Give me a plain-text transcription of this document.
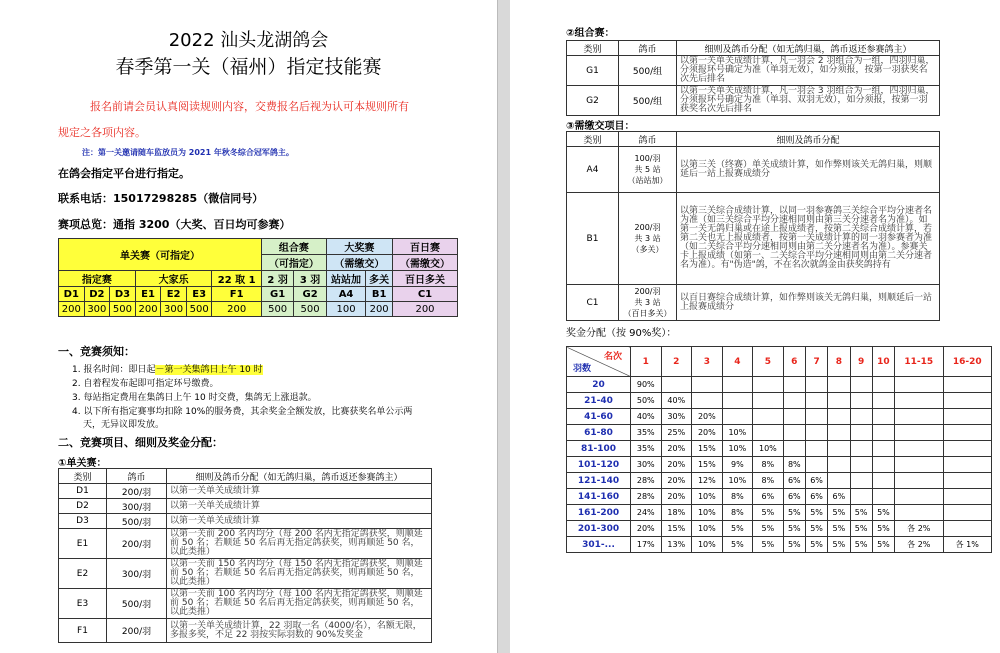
2022 汕头龙湖鸽会
春季第一关（福州）指定技能赛
报名前请会员认真阅读规则内容，交费报名后视为认可本规则所有
规定之各项内容。
注：第一关邀请随车监放员为 2021 年秋冬综合冠军鸽主。
在鸽会指定平台进行指定。
联系电话：15017298285（微信同号）
赛项总览：通指 3200（大奖、百日均可参赛）
单关赛（可指定）							组合赛		大奖赛		百日赛
							（可指定）		（需缴交）		（需缴交）
指定赛			大家乐			22 取 1	2 羽	3 羽	站站加	多关	百日多关
D1	D2	D3	E1	E2	E3	F1	G1	G2	A4	B1	C1
200	300	500	200	300	500	200	500	500	100	200	200
一、竞赛须知：
1. 报名时间：即日起－第一关集鸽日上午 10 时
2. 自着程发布起即可指定环号缴费。
3. 每站指定费用在集鸽日上午 10 时交费，集鸽无上涨退款。
4. 以下所有指定赛事均扣除 10%的服务费，其余奖金全额发放，比赛获奖名单公示两
天，无异议即发放。
二、竞赛项目、细则及奖金分配：
①单关赛：
类别	鸽币	细则及鸽币分配（如无鸽归巢，鸽币返还参赛鸽主）
D1	200/羽	以第一关单关成绩计算
D2	300/羽	以第一关单关成绩计算
D3	500/羽	以第一关单关成绩计算
E1	200/羽	以第一关前 200 名内均分（每 200 名内无指定鸽获奖，则顺延前 50 名；若顺延 50 名后再无指定鸽获奖，则再顺延 50 名，以此类推）
E2	300/羽	以第一关前 150 名内均分（每 150 名内无指定鸽获奖，则顺延前 50 名；若顺延 50 名后再无指定鸽获奖，则再顺延 50 名，以此类推）
E3	500/羽	以第一关前 100 名内均分（每 100 名内无指定鸽获奖，则顺延前 50 名；若顺延 50 名后再无指定鸽获奖，则再顺延 50 名，以此类推）
F1	200/羽	以第一关单关成绩计算，22 羽取一名（4000/名），名额无限，多报多奖，不足 22 羽按实际羽数的 90%发奖金
②组合赛：
类别	鸽币	细则及鸽币分配（如无鸽归巢，鸽币返还参赛鸽主）
G1	500/组	以第一关单关成绩计算，凡一羽会 2 羽组合为一组，四羽归巢，分须报环号确定为准（单羽无效），如分须报，按第一羽获奖名次先后排名
G2	500/组	以第一关单关成绩计算，凡一羽会 3 羽组合为一组，四羽归巢，分须报环号确定为准（单羽、双羽无效），如分须报，按第一羽获奖名次先后排名
③需缴交项目：
类别	鸽币	细则及鸽币分配
A4	100/羽
共 5 站
（站站加）	以第三关（终赛）单关成绩计算，如作弊则该关无鸽归巢，则顺延后一站上报赛成绩分
B1	200/羽
共 3 站
（多关）	以第三关综合成绩计算，以同一羽参赛鸽三关综合平均分速者名为准（如三关综合平均分速相同则由第三关分速者名为准）。如第一关无鸽归巢或在途上报成绩者，按第二关综合成绩计算，若第二关也无上报成绩者，按第一关成绩计算的同一羽参赛者为准（如二关综合平均分速相同则由第二关分速者名为准）。参赛关卡上报成绩（如第一、二关综合平均分速相同则由第二关分速者名为准）。有"伪造"鸽，不在名次就鸽金由获奖鸽持有
C1	200/羽
共 3 站
（百日多关）	以百日赛综合成绩计算，如作弊则该关无鸽归巢，则顺延后一站上报赛成绩分
奖金分配（按 90%奖）：
名次
羽数	1	2	3	4	5	6	7	8	9	10	11-15	16-20
20	90%											
21-40	50%	40%										
41-60	40%	30%	20%									
61-80	35%	25%	20%	10%								
81-100	35%	20%	15%	10%	10%							
101-120	30%	20%	15%	9%	8%	8%						
121-140	28%	20%	12%	10%	8%	6%	6%					
141-160	28%	20%	10%	8%	6%	6%	6%	6%				
161-200	24%	18%	10%	8%	5%	5%	5%	5%	5%	5%		
201-300	20%	15%	10%	5%	5%	5%	5%	5%	5%	5%	各 2%	
301-...	17%	13%	10%	5%	5%	5%	5%	5%	5%	5%	各 2%	各 1%
